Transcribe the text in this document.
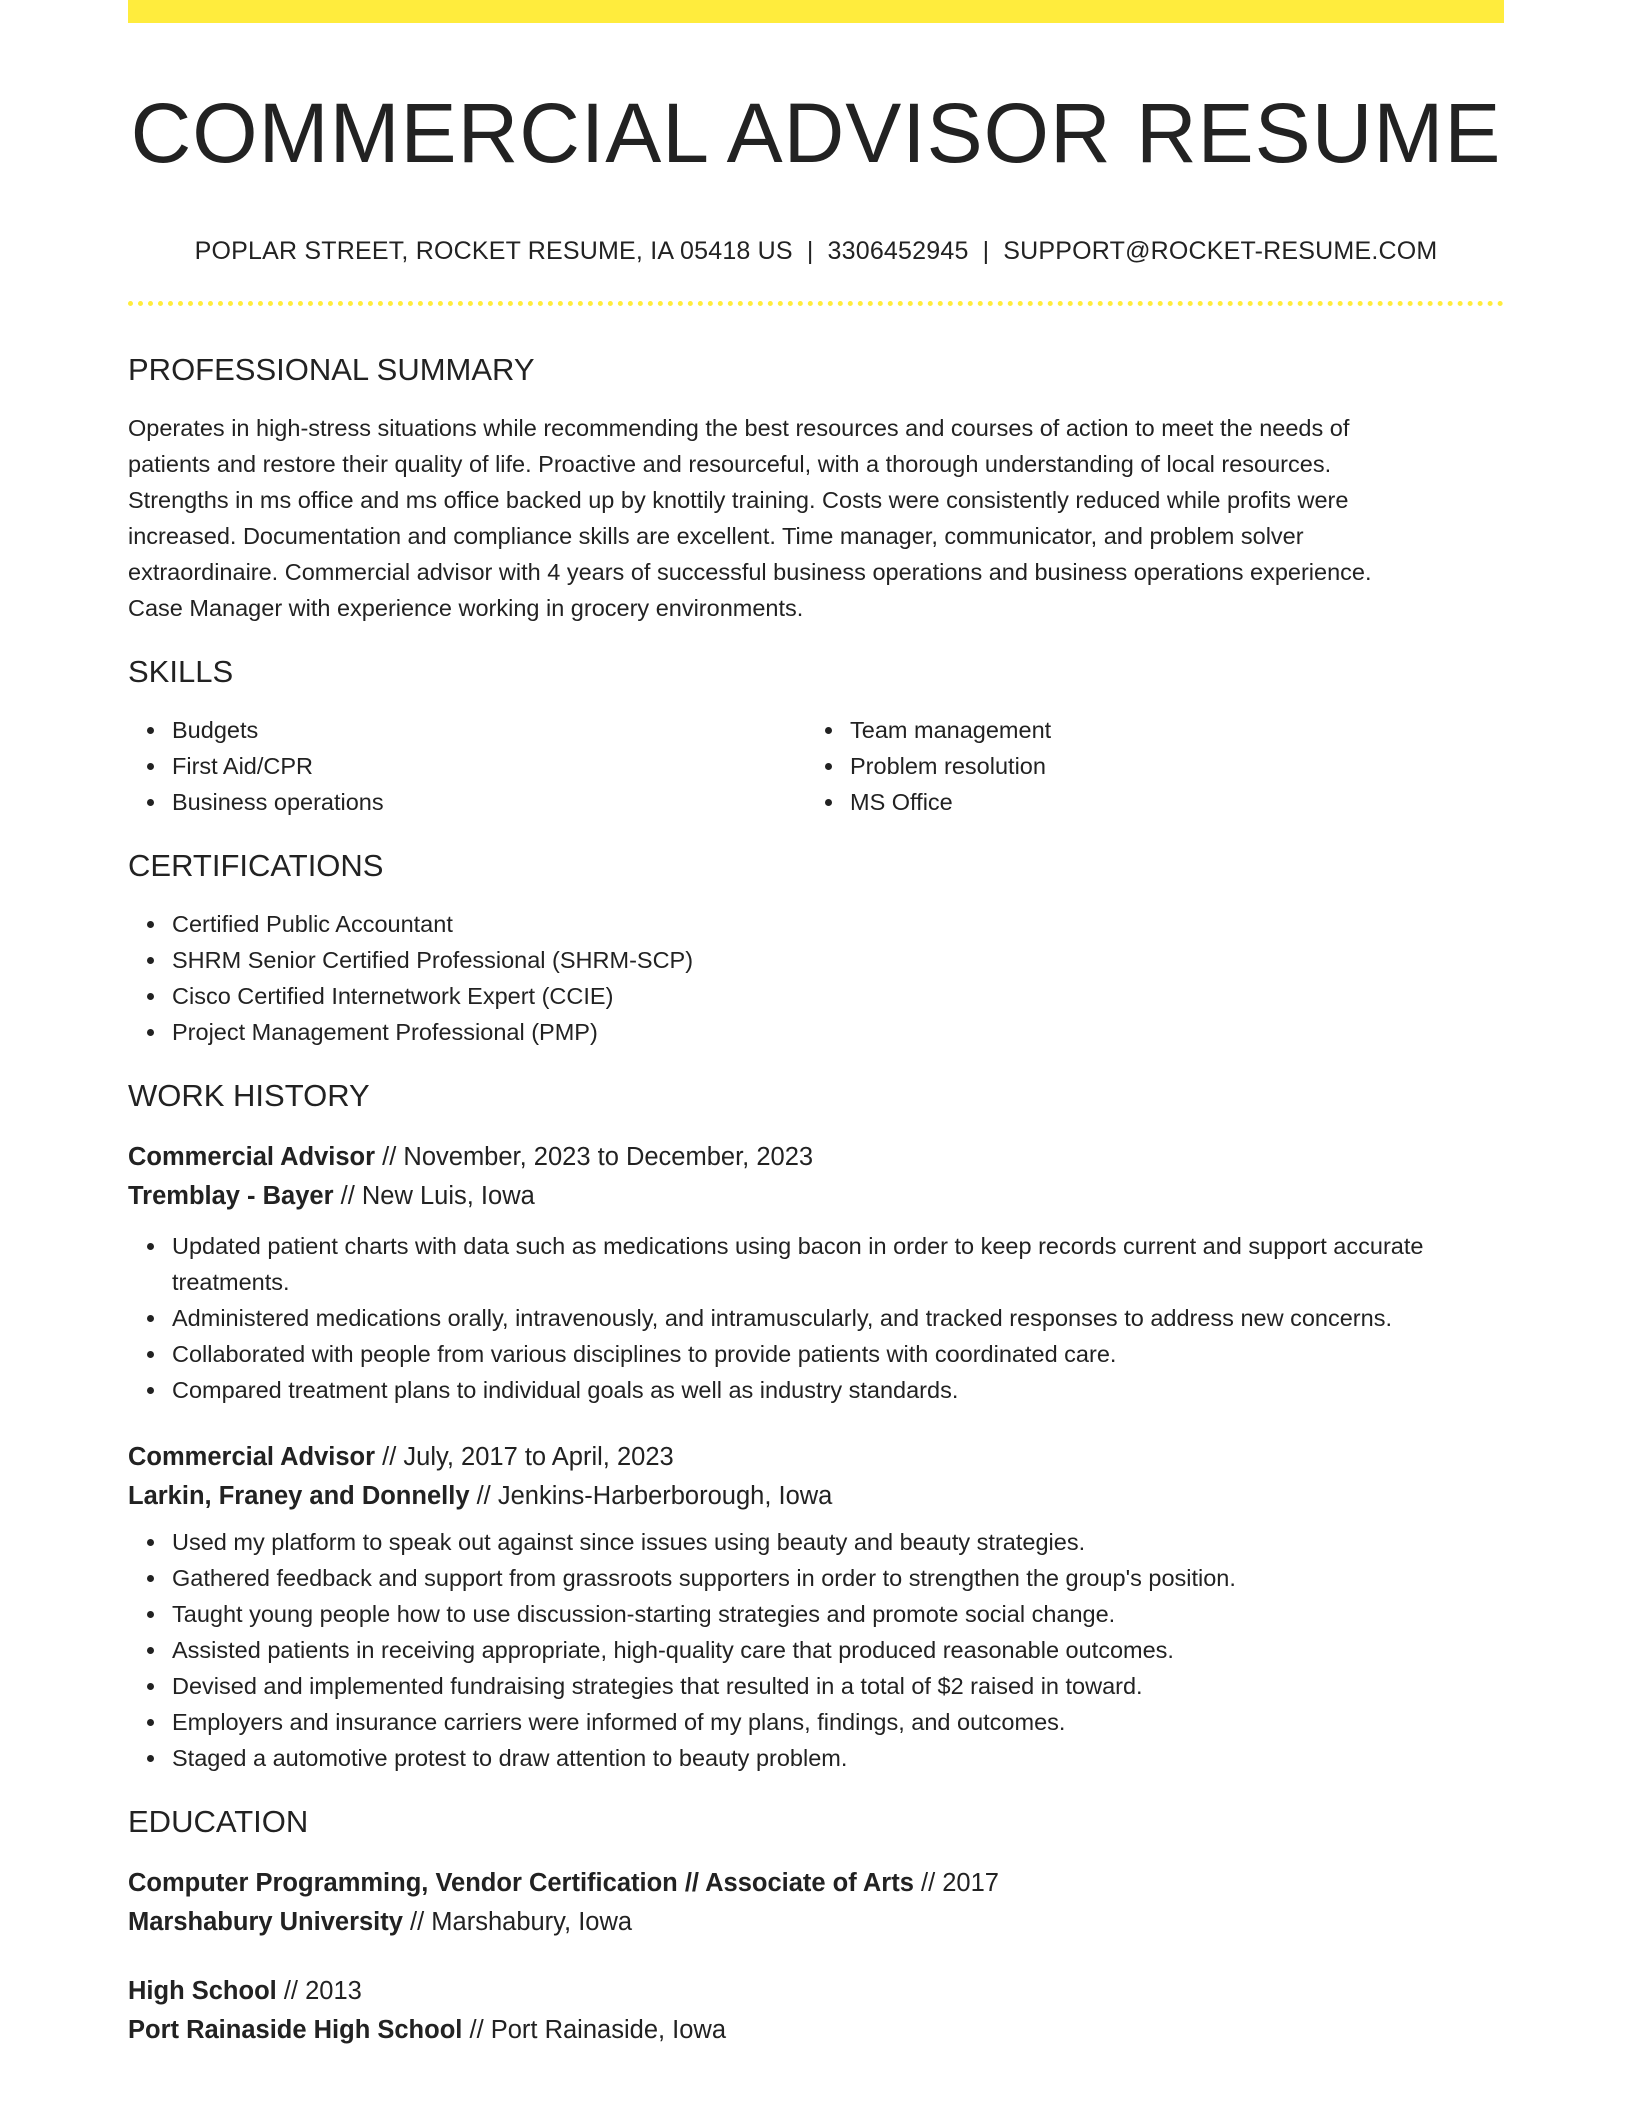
COMMERCIAL ADVISOR RESUME
POPLAR STREET, ROCKET RESUME, IA 05418 US | 3306452945 | SUPPORT@ROCKET-RESUME.COM
PROFESSIONAL SUMMARY

Operates in high-stress situations while recommending the best resources and courses of action to meet the needs of

patients and restore their quality of life. Proactive and resourceful, with a thorough understanding of local resources.

Strengths in ms office and ms office backed up by knottily training. Costs were consistently reduced while profits were

increased. Documentation and compliance skills are excellent. Time manager, communicator, and problem solver

extraordinaire. Commercial advisor with 4 years of successful business operations and business operations experience.

Case Manager with experience working in grocery environments.

SKILLS
Budgets
First Aid/CPR
Business operations
Team management
Problem resolution
MS Office
CERTIFICATIONS
Certified Public Accountant
SHRM Senior Certified Professional (SHRM-SCP)
Cisco Certified Internetwork Expert (CCIE)
Project Management Professional (PMP)
WORK HISTORY
Commercial Advisor // November, 2023 to December, 2023
Tremblay - Bayer // New Luis, Iowa
Updated patient charts with data such as medications using bacon in order to keep records current and support accurate
treatments.
Administered medications orally, intravenously, and intramuscularly, and tracked responses to address new concerns.
Collaborated with people from various disciplines to provide patients with coordinated care.
Compared treatment plans to individual goals as well as industry standards.
Commercial Advisor // July, 2017 to April, 2023
Larkin, Franey and Donnelly // Jenkins-Harberborough, Iowa
Used my platform to speak out against since issues using beauty and beauty strategies.
Gathered feedback and support from grassroots supporters in order to strengthen the group's position.
Taught young people how to use discussion-starting strategies and promote social change.
Assisted patients in receiving appropriate, high-quality care that produced reasonable outcomes.
Devised and implemented fundraising strategies that resulted in a total of $2 raised in toward.
Employers and insurance carriers were informed of my plans, findings, and outcomes.
Staged a automotive protest to draw attention to beauty problem.
EDUCATION
Computer Programming, Vendor Certification // Associate of Arts // 2017
Marshabury University // Marshabury, Iowa
High School // 2013
Port Rainaside High School // Port Rainaside, Iowa
